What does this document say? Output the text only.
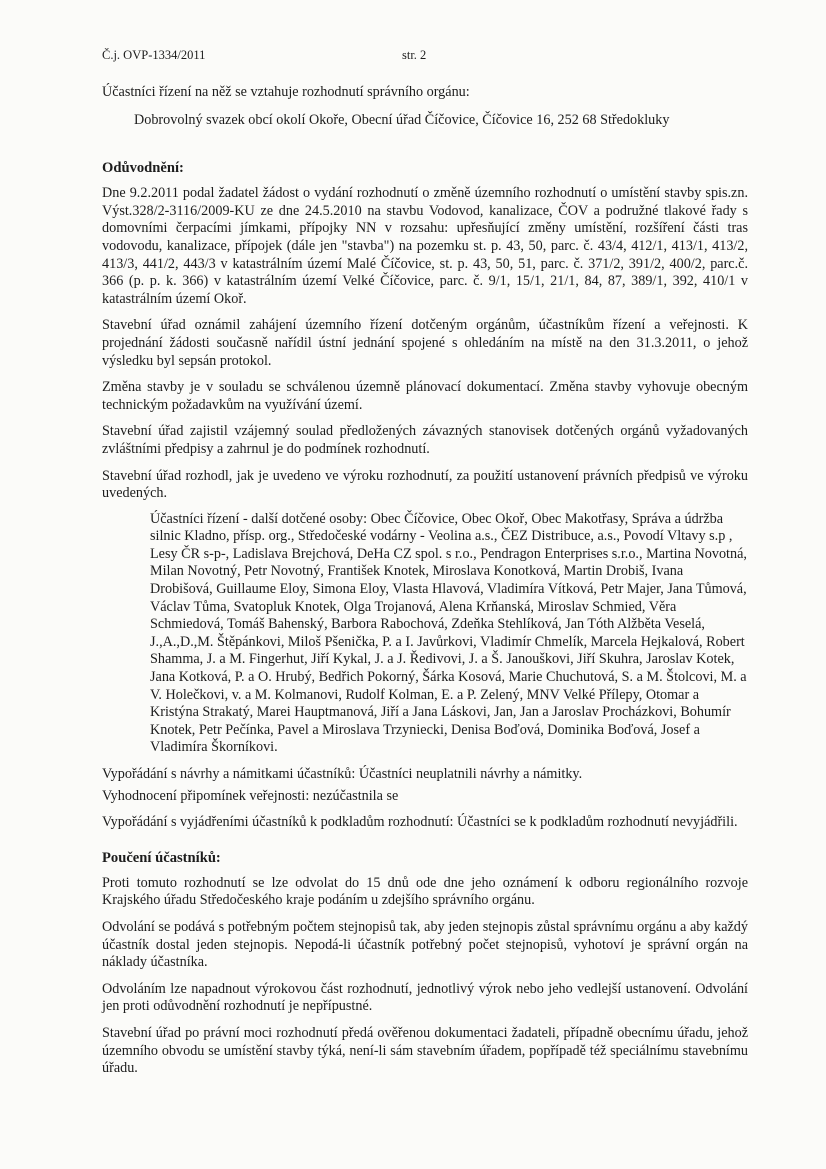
Č.j. OVP-1334/2011	str. 2

Účastníci řízení na něž se vztahuje rozhodnutí správního orgánu:

Dobrovolný svazek obcí okolí Okoře, Obecní úřad Číčovice, Číčovice 16, 252 68 Středokluky

Odůvodnění:

Dne 9.2.2011 podal žadatel žádost o vydání rozhodnutí o změně územního rozhodnutí o umístění stavby spis.zn. Výst.328/2-3116/2009-KU ze dne 24.5.2010 na stavbu Vodovod, kanalizace, ČOV a podružné tlakové řady s domovními čerpacími jímkami, přípojky NN v rozsahu: upřesňující změny umístění, rozšíření části tras vodovodu, kanalizace, přípojek (dále jen "stavba") na pozemku st. p. 43, 50, parc. č. 43/4, 412/1, 413/1, 413/2, 413/3, 441/2, 443/3 v katastrálním území Malé Číčovice, st. p. 43, 50, 51, parc. č. 371/2, 391/2, 400/2, parc.č. 366 (p. p. k. 366) v katastrálním území Velké Číčovice, parc. č. 9/1, 15/1, 21/1, 84, 87, 389/1, 392, 410/1 v katastrálním území Okoř.

Stavební úřad oznámil zahájení územního řízení dotčeným orgánům, účastníkům řízení a veřejnosti. K projednání žádosti současně nařídil ústní jednání spojené s ohledáním na místě na den 31.3.2011, o jehož výsledku byl sepsán protokol.

Změna stavby je v souladu se schválenou územně plánovací dokumentací. Změna stavby vyhovuje obecným technickým požadavkům na využívání území.

Stavební úřad zajistil vzájemný soulad předložených závazných stanovisek dotčených orgánů vyžadovaných zvláštními předpisy a zahrnul je do podmínek rozhodnutí.

Stavební úřad rozhodl, jak je uvedeno ve výroku rozhodnutí, za použití ustanovení právních předpisů ve výroku uvedených.

Účastníci řízení - další dotčené osoby: Obec Číčovice, Obec Okoř, Obec Makotřasy, Správa a údržba silnic Kladno, přísp. org., Středočeské vodárny - Veolina a.s., ČEZ Distribuce, a.s., Povodí Vltavy s.p , Lesy ČR s-p-, Ladislava Brejchová, DeHa CZ spol. s r.o., Pendragon Enterprises s.r.o., Martina Novotná, Milan Novotný, Petr Novotný, František Knotek, Miroslava Konotková, Martin Drobiš, Ivana Drobišová, Guillaume Eloy, Simona Eloy, Vlasta Hlavová, Vladimíra Vítková, Petr Majer, Jana Tůmová, Václav Tůma, Svatopluk Knotek, Olga Trojanová, Alena Krňanská, Miroslav Schmied, Věra Schmiedová, Tomáš Bahenský, Barbora Rabochová, Zdeňka Stehlíková, Jan Tóth Alžběta Veselá, J.,A.,D.,M. Štěpánkovi, Miloš Pšenička, P. a I. Javůrkovi, Vladimír Chmelík, Marcela Hejkalová, Robert Shamma, J. a M. Fingerhut, Jiří Kykal, J. a J. Ředivovi, J. a Š. Janouškovi, Jiří Skuhra, Jaroslav Kotek, Jana Kotková, P. a O. Hrubý, Bedřich Pokorný, Šárka Kosová, Marie Chuchutová, S. a M. Štolcovi, M. a V. Holečkovi, v. a M. Kolmanovi, Rudolf Kolman, E. a P. Zelený, MNV Velké Přílepy, Otomar a Kristýna Strakatý, Marei Hauptmanová, Jiří a Jana Láskovi, Jan, Jan a Jaroslav Procházkovi, Bohumír Knotek, Petr Pečínka, Pavel a Miroslava Trzyniecki, Denisa Boďová, Dominika Boďová, Josef a Vladimíra Škorníkovi.

Vypořádání s návrhy a námitkami účastníků: Účastníci neuplatnili návrhy a námitky.

Vyhodnocení připomínek veřejnosti: nezúčastnila se

Vypořádání s vyjádřeními účastníků k podkladům rozhodnutí: Účastníci se k podkladům rozhodnutí nevyjádřili.

Poučení účastníků:

Proti tomuto rozhodnutí se lze odvolat do 15 dnů ode dne jeho oznámení k odboru regionálního rozvoje Krajského úřadu Středočeského kraje podáním u zdejšího správního orgánu.

Odvolání se podává s potřebným počtem stejnopisů tak, aby jeden stejnopis zůstal správnímu orgánu a aby každý účastník dostal jeden stejnopis. Nepodá-li účastník potřebný počet stejnopisů, vyhotoví je správní orgán na náklady účastníka.

Odvoláním lze napadnout výrokovou část rozhodnutí, jednotlivý výrok nebo jeho vedlejší ustanovení. Odvolání jen proti odůvodnění rozhodnutí je nepřípustné.

Stavební úřad po právní moci rozhodnutí předá ověřenou dokumentaci žadateli, případně obecnímu úřadu, jehož územního obvodu se umístění stavby týká, není-li sám stavebním úřadem, popřípadě též speciálnímu stavebnímu úřadu.
